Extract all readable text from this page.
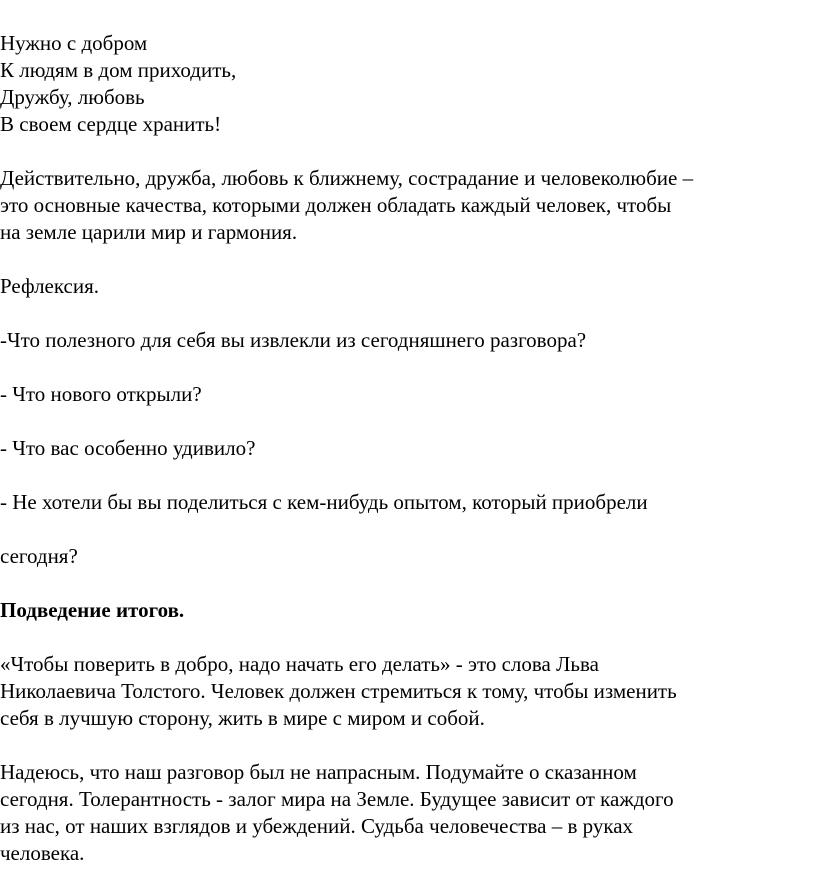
Нужно с добром
К людям в дом приходить,
Дружбу, любовь
В своем сердце хранить!
Действительно, дружба, любовь к ближнему, сострадание и человеколюбие –
это основные качества, которыми должен обладать каждый человек, чтобы
на земле царили мир и гармония.
Рефлексия.
-Что полезного для себя вы извлекли из сегодняшнего разговора?
- Что нового открыли?
- Что вас особенно удивило?
- Не хотели бы вы поделиться с кем-нибудь опытом, который приобрели
сегодня?
Подведение итогов.
«Чтобы поверить в добро, надо начать его делать» - это слова Льва
Николаевича Толстого. Человек должен стремиться к тому, чтобы изменить
себя в лучшую сторону, жить в мире с миром и собой.
Надеюсь, что наш разговор был не напрасным. Подумайте о сказанном
сегодня. Толерантность - залог мира на Земле. Будущее зависит от каждого
из нас, от наших взглядов и убеждений. Судьба человечества – в руках
человека.
